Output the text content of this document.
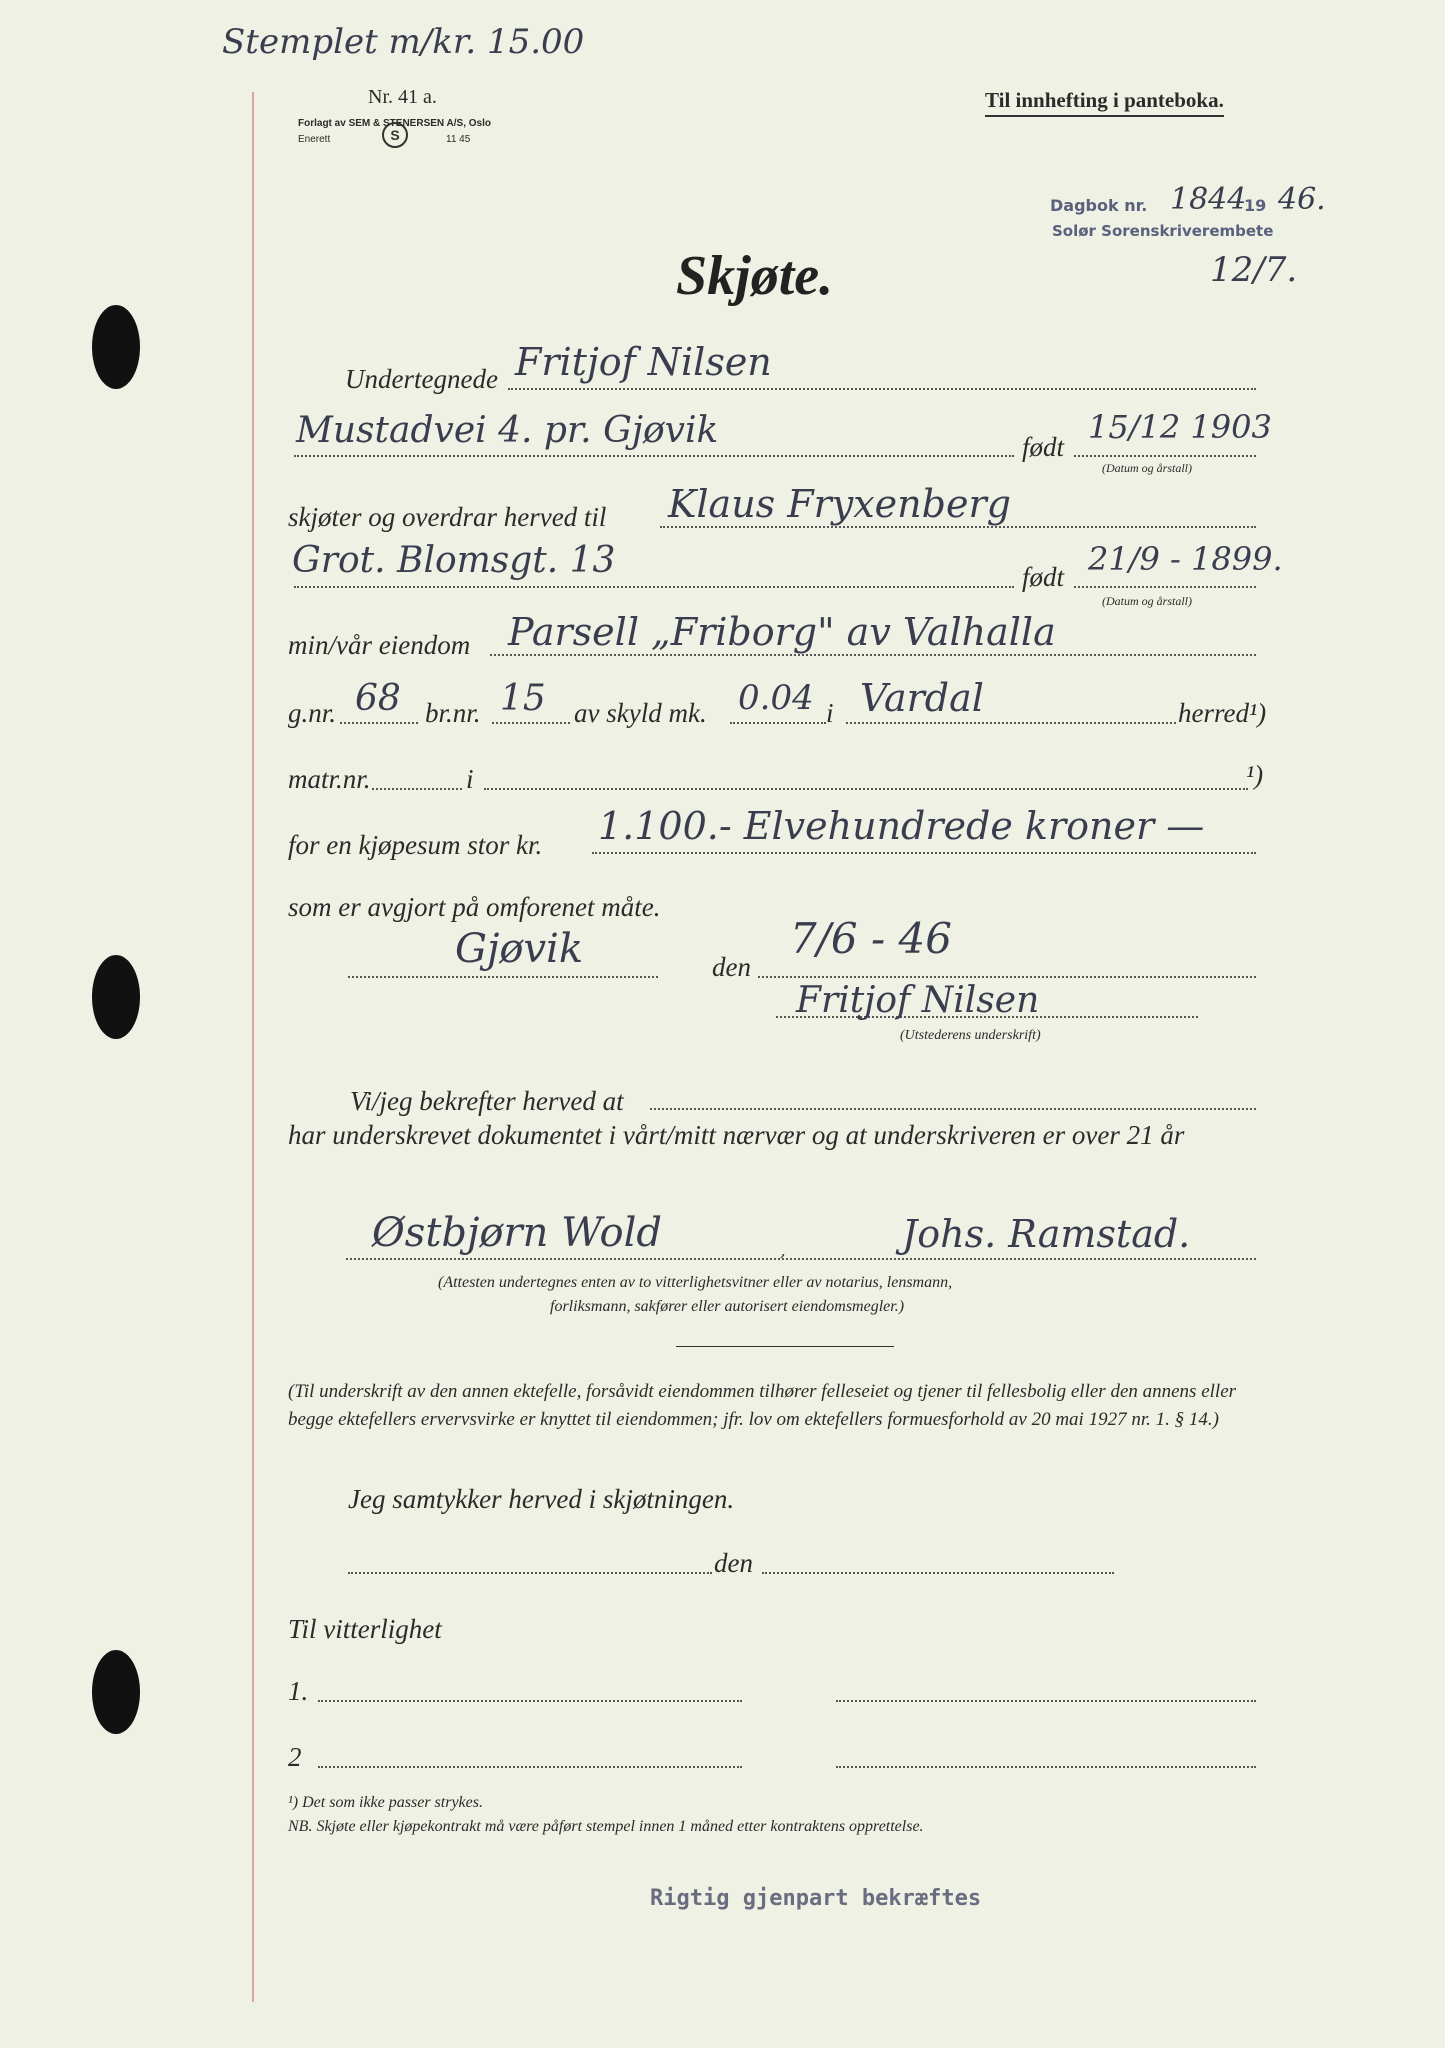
Stemplet m/kr. 15.00
Nr. 41 a.
Forlagt av SEM & STENERSEN A/S, Oslo
Enerett	11 45
S
Til innhefting i panteboka.
Dagbok nr. 1844
19 46.
Solør Sorenskriverembete
12/7.
Skjøte.
Undertegnede Fritjof Nilsen
Mustadvei 4. pr. Gjøvik	født
15/12 1903
(Datum og årstall)
skjøter og overdrar herved til Klaus Fryxenberg
Grot. Blomsgt. 13	født 21/9 - 1899.
(Datum og årstall)
min/vår eiendom Parsell „Friborg" av Valhalla
g.nr. 68 br.nr. 15 av skyld mk. 0.04 i Vardal	herred¹)
matr.nr.	i	¹)
for en kjøpesum stor kr. 1.100.- Elvehundrede kroner —
som er avgjort på omforenet måte.
Gjøvik	den
7/6 - 46
Fritjof Nilsen
(Utstederens underskrift)
Vi/jeg bekrefter herved at
har underskrevet dokumentet i vårt/mitt nærvær og at underskriveren er over 21 år
Østbjørn Wold	,	Johs. Ramstad.
(Attesten undertegnes enten av to vitterlighetsvitner eller av notarius, lensmann,
forliksmann, sakfører eller autorisert eiendomsmegler.)
(Til underskrift av den annen ektefelle, forsåvidt eiendommen tilhører felleseiet og tjener til fellesbolig eller den annens eller begge ektefellers ervervsvirke er knyttet til eiendommen; jfr. lov om ektefellers formuesforhold av 20 mai 1927 nr. 1. § 14.)
Jeg samtykker herved i skjøtningen.
den
Til vitterlighet
1.
2
¹) Det som ikke passer strykes.
NB. Skjøte eller kjøpekontrakt må være påført stempel innen 1 måned etter kontraktens opprettelse.
Rigtig gjenpart bekræftes
